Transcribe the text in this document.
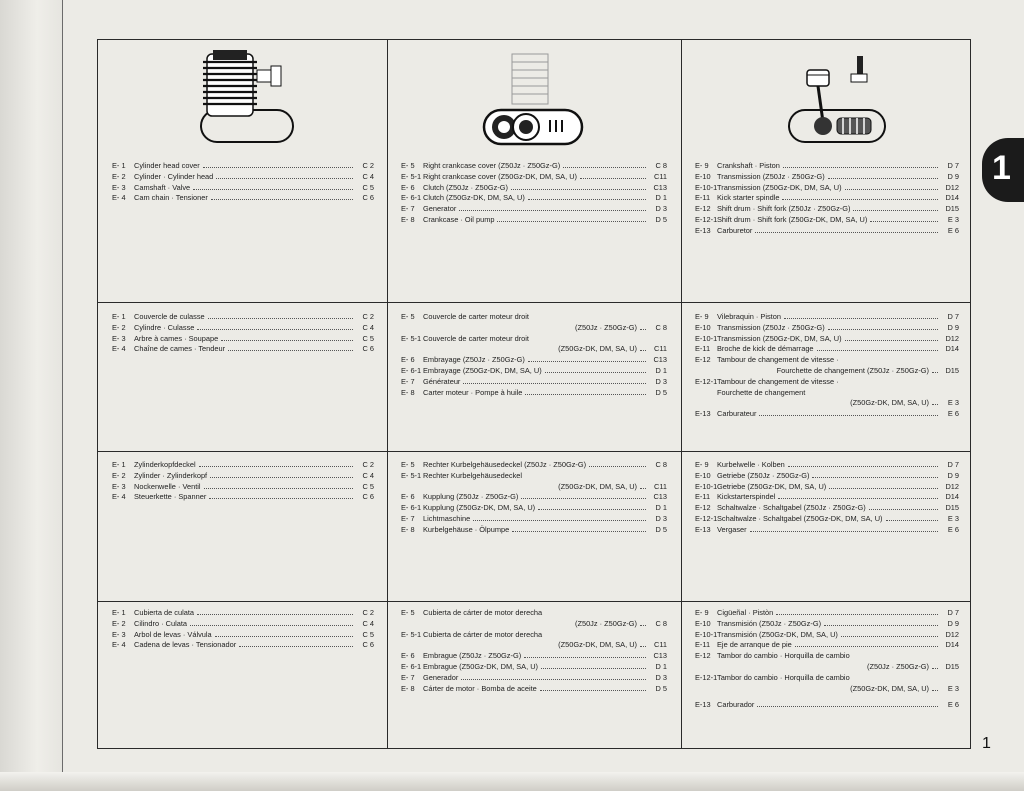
1
1
E- 1	Cylinder head cover	C 2
E- 2	Cylinder · Cylinder head	C 4
E- 3	Camshaft · Valve	C 5
E- 4	Cam chain · Tensioner	C 6
E- 5	Right crankcase cover (Z50Jz · Z50Gz-G)	C 8
E- 5-1 Right crankcase cover (Z50Gz-DK, DM, SA, U)	C11
E- 6	Clutch (Z50Jz · Z50Gz-G)	C13
E- 6-1 Clutch (Z50Gz-DK, DM, SA, U)	D 1
E- 7	Generator	D 3
E- 8	Crankcase · Oil pump	D 5
E- 9	Crankshaft · Piston	D 7
E-10 Transmission (Z50Jz · Z50Gz-G)	D 9
E-10-1 Transmission (Z50Gz-DK, DM, SA, U)	D12
E-11 Kick starter spindle	D14
E-12 Shift drum · Shift fork (Z50Jz · Z50Gz-G)	D15
E-12-1 Shift drum · Shift fork (Z50Gz-DK, DM, SA, U)	E 3
E-13 Carburetor	E 6
E- 1	Couvercle de culasse	C 2
E- 2	Cylindre · Culasse	C 4
E- 3	Arbre à cames · Soupape	C 5
E- 4	Chaîne de cames · Tendeur	C 6
E- 5	Couvercle de carter moteur droit
(Z50Jz · Z50Gz-G)	C 8
E- 5-1 Couvercle de carter moteur droit
(Z50Gz-DK, DM, SA, U)	C11
E- 6	Embrayage (Z50Jz · Z50Gz-G)	C13
E- 6-1 Embrayage (Z50Gz-DK, DM, SA, U)	D 1
E- 7	Générateur	D 3
E- 8	Carter moteur · Pompe à huile	D 5
E- 9	Vilebraquin · Piston	D 7
E-10 Transmission (Z50Jz · Z50Gz-G)	D 9
E-10-1 Transmission (Z50Gz-DK, DM, SA, U)	D12
E-11 Broche de kick de démarrage	D14
E-12 Tambour de changement de vitesse ·
Fourchette de changement (Z50Jz · Z50Gz-G)	D15
E-12-1 Tambour de changement de vitesse ·
Fourchette de changement
(Z50Gz-DK, DM, SA, U)	E 3
E-13 Carburateur	E 6
E- 1	Zylinderkopfdeckel	C 2
E- 2	Zylinder · Zylinderkopf	C 4
E- 3	Nockenwelle · Ventil	C 5
E- 4	Steuerkette · Spanner	C 6
E- 5	Rechter Kurbelgehäusedeckel (Z50Jz · Z50Gz-G)	C 8
E- 5-1 Rechter Kurbelgehäusedeckel
(Z50Gz-DK, DM, SA, U)	C11
E- 6	Kupplung (Z50Jz · Z50Gz-G)	C13
E- 6-1 Kupplung (Z50Gz-DK, DM, SA, U)	D 1
E- 7	Lichtmaschine	D 3
E- 8	Kurbelgehäuse · Ölpumpe	D 5
E- 9	Kurbelwelle · Kolben	D 7
E-10 Getriebe (Z50Jz · Z50Gz-G)	D 9
E-10-1 Getriebe (Z50Gz-DK, DM, SA, U)	D12
E-11 Kickstarterspindel	D14
E-12 Schaltwalze · Schaltgabel (Z50Jz · Z50Gz-G)	D15
E-12-1 Schaltwalze · Schaltgabel (Z50Gz-DK, DM, SA, U)	E 3
E-13 Vergaser	E 6
E- 1	Cubierta de culata	C 2
E- 2	Cilindro · Culata	C 4
E- 3	Arbol de levas · Válvula	C 5
E- 4	Cadena de levas · Tensionador	C 6
E- 5	Cubierta de cárter de motor derecha
(Z50Jz · Z50Gz-G)	C 8
E- 5-1 Cubierta de cárter de motor derecha
(Z50Gz-DK, DM, SA, U)	C11
E- 6	Embrague (Z50Jz · Z50Gz-G)	C13
E- 6-1 Embrague (Z50Gz-DK, DM, SA, U)	D 1
E- 7	Generador	D 3
E- 8	Cárter de motor · Bomba de aceite	D 5
E- 9	Cigüeñal · Pistòn	D 7
E-10 Transmisión (Z50Jz · Z50Gz-G)	D 9
E-10-1 Transmisión (Z50Gz-DK, DM, SA, U)	D12
E-11 Eje de arranque de pie	D14
E-12 Tambor do cambio · Horquilla de cambio
(Z50Jz · Z50Gz-G)	D15
E-12-1 Tambor do cambio · Horquilla de cambio
(Z50Gz-DK, DM, SA, U)	E 3
E-13 Carburador	E 6
